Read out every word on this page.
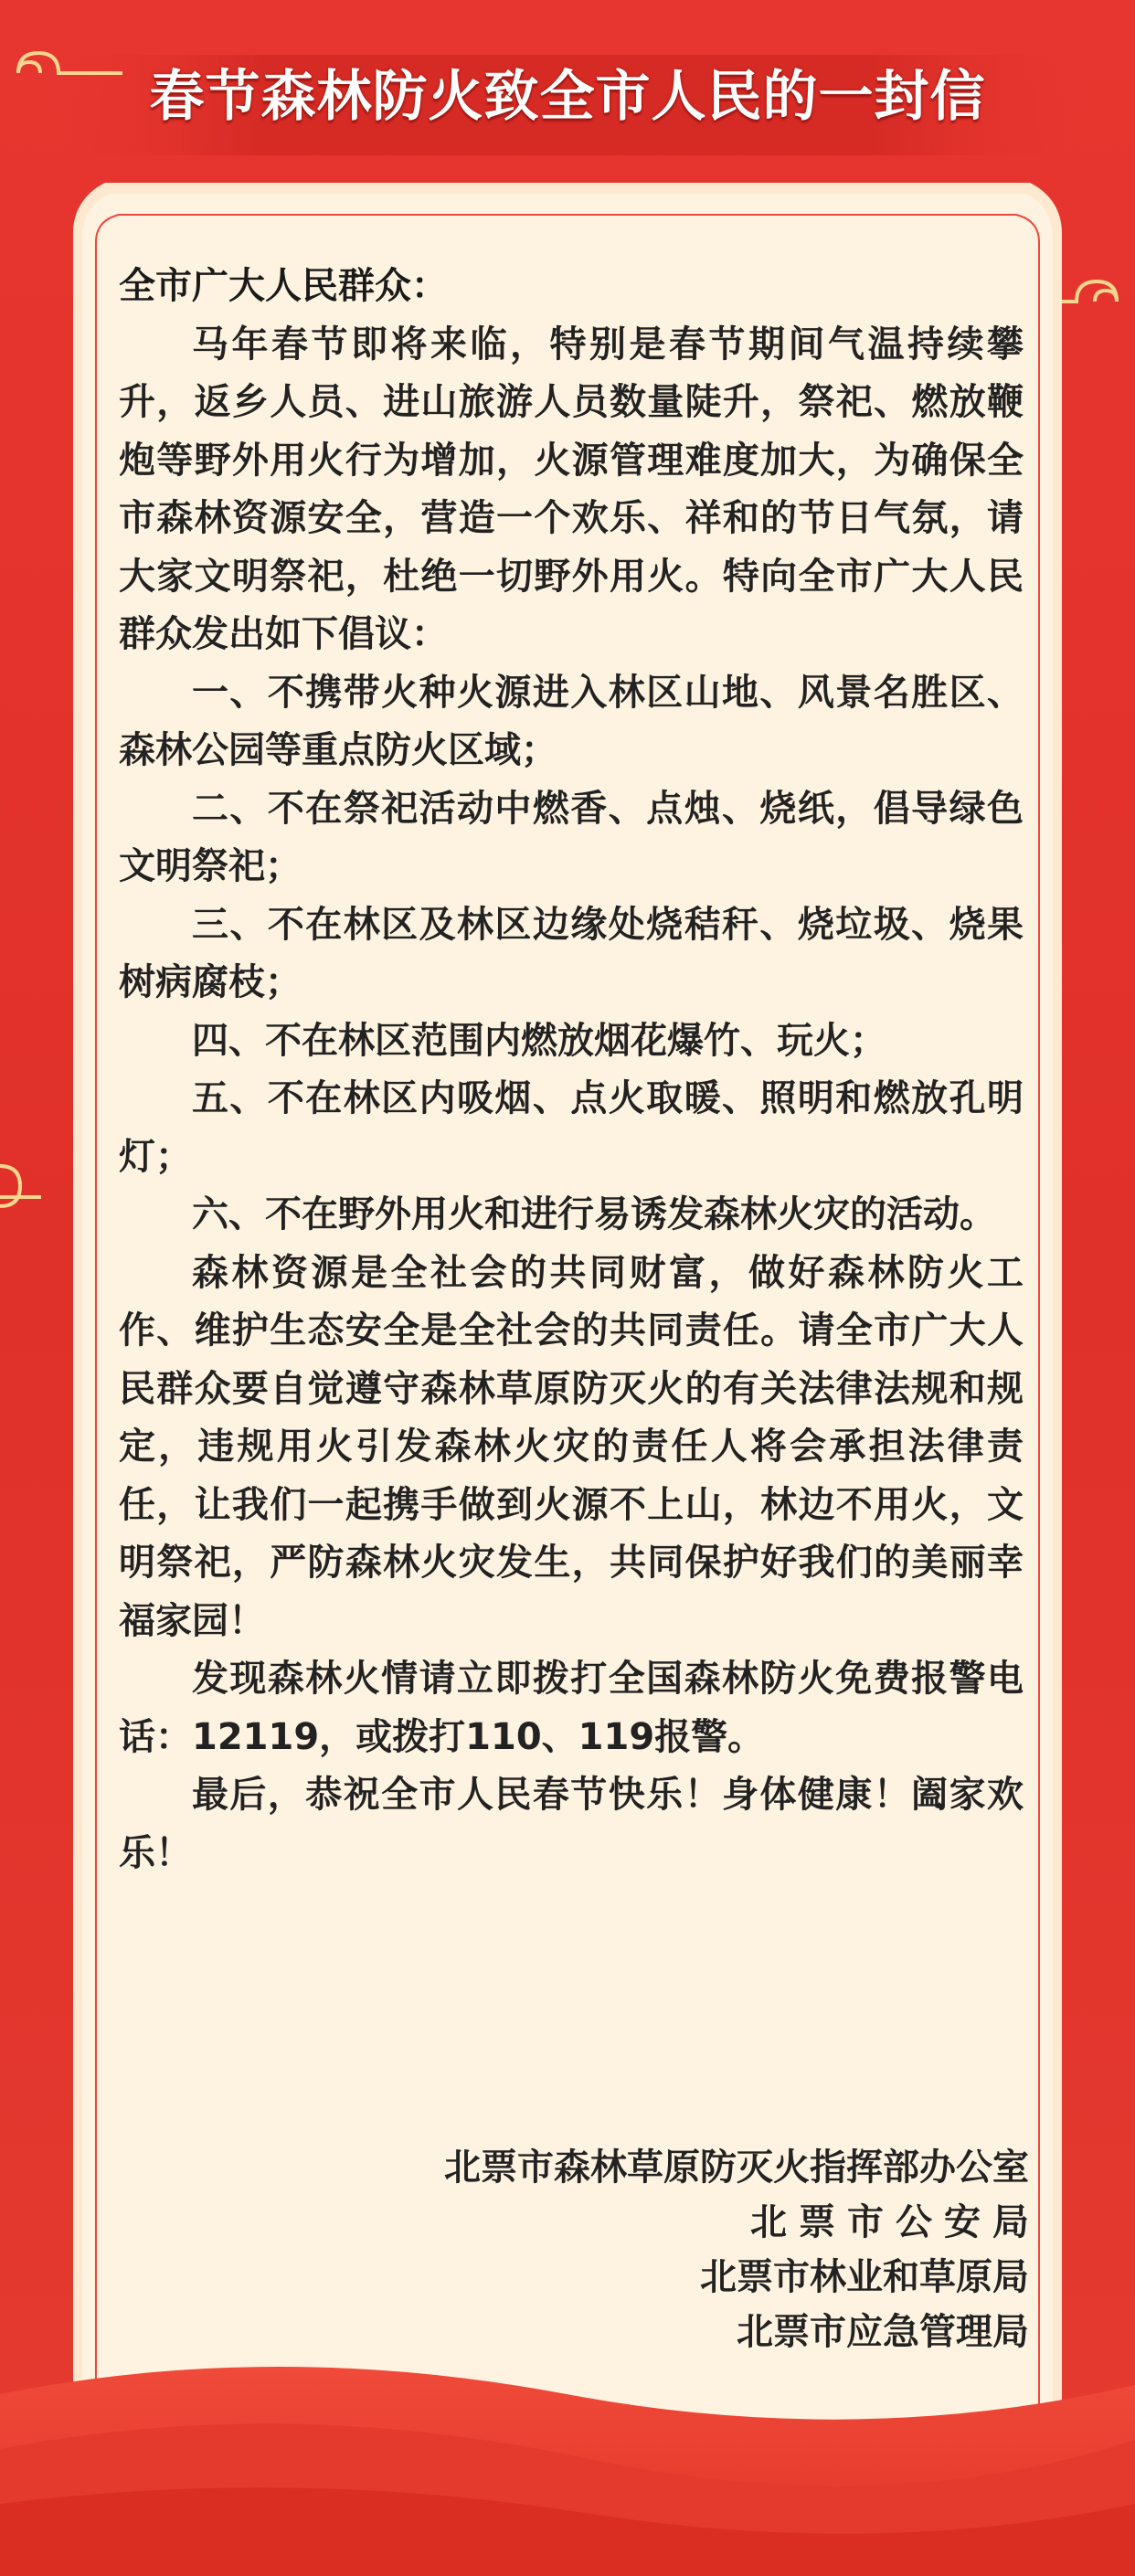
春节森林防火致全市人民的一封信

全市广大人民群众：

马年春节即将来临，特别是春节期间气温持续攀升，返乡人员、进山旅游人员数量陡升，祭祀、燃放鞭炮等野外用火行为增加，火源管理难度加大，为确保全市森林资源安全，营造一个欢乐、祥和的节日气氛，请大家文明祭祀，杜绝一切野外用火。特向全市广大人民群众发出如下倡议：

一、不携带火种火源进入林区山地、风景名胜区、森林公园等重点防火区域；

二、不在祭祀活动中燃香、点烛、烧纸，倡导绿色文明祭祀；

三、不在林区及林区边缘处烧秸秆、烧垃圾、烧果树病腐枝；

四、不在林区范围内燃放烟花爆竹、玩火；

五、不在林区内吸烟、点火取暖、照明和燃放孔明灯；

六、不在野外用火和进行易诱发森林火灾的活动。

森林资源是全社会的共同财富，做好森林防火工作、维护生态安全是全社会的共同责任。请全市广大人民群众要自觉遵守森林草原防灭火的有关法律法规和规定，违规用火引发森林火灾的责任人将会承担法律责任，让我们一起携手做到火源不上山，林边不用火，文明祭祀，严防森林火灾发生，共同保护好我们的美丽幸福家园！

发现森林火情请立即拨打全国森林防火免费报警电话：12119，或拨打110、119报警。

最后，恭祝全市人民春节快乐！身体健康！阖家欢乐！

北票市森林草原防灭火指挥部办公室
北票市公安局
北票市林业和草原局
北票市应急管理局
